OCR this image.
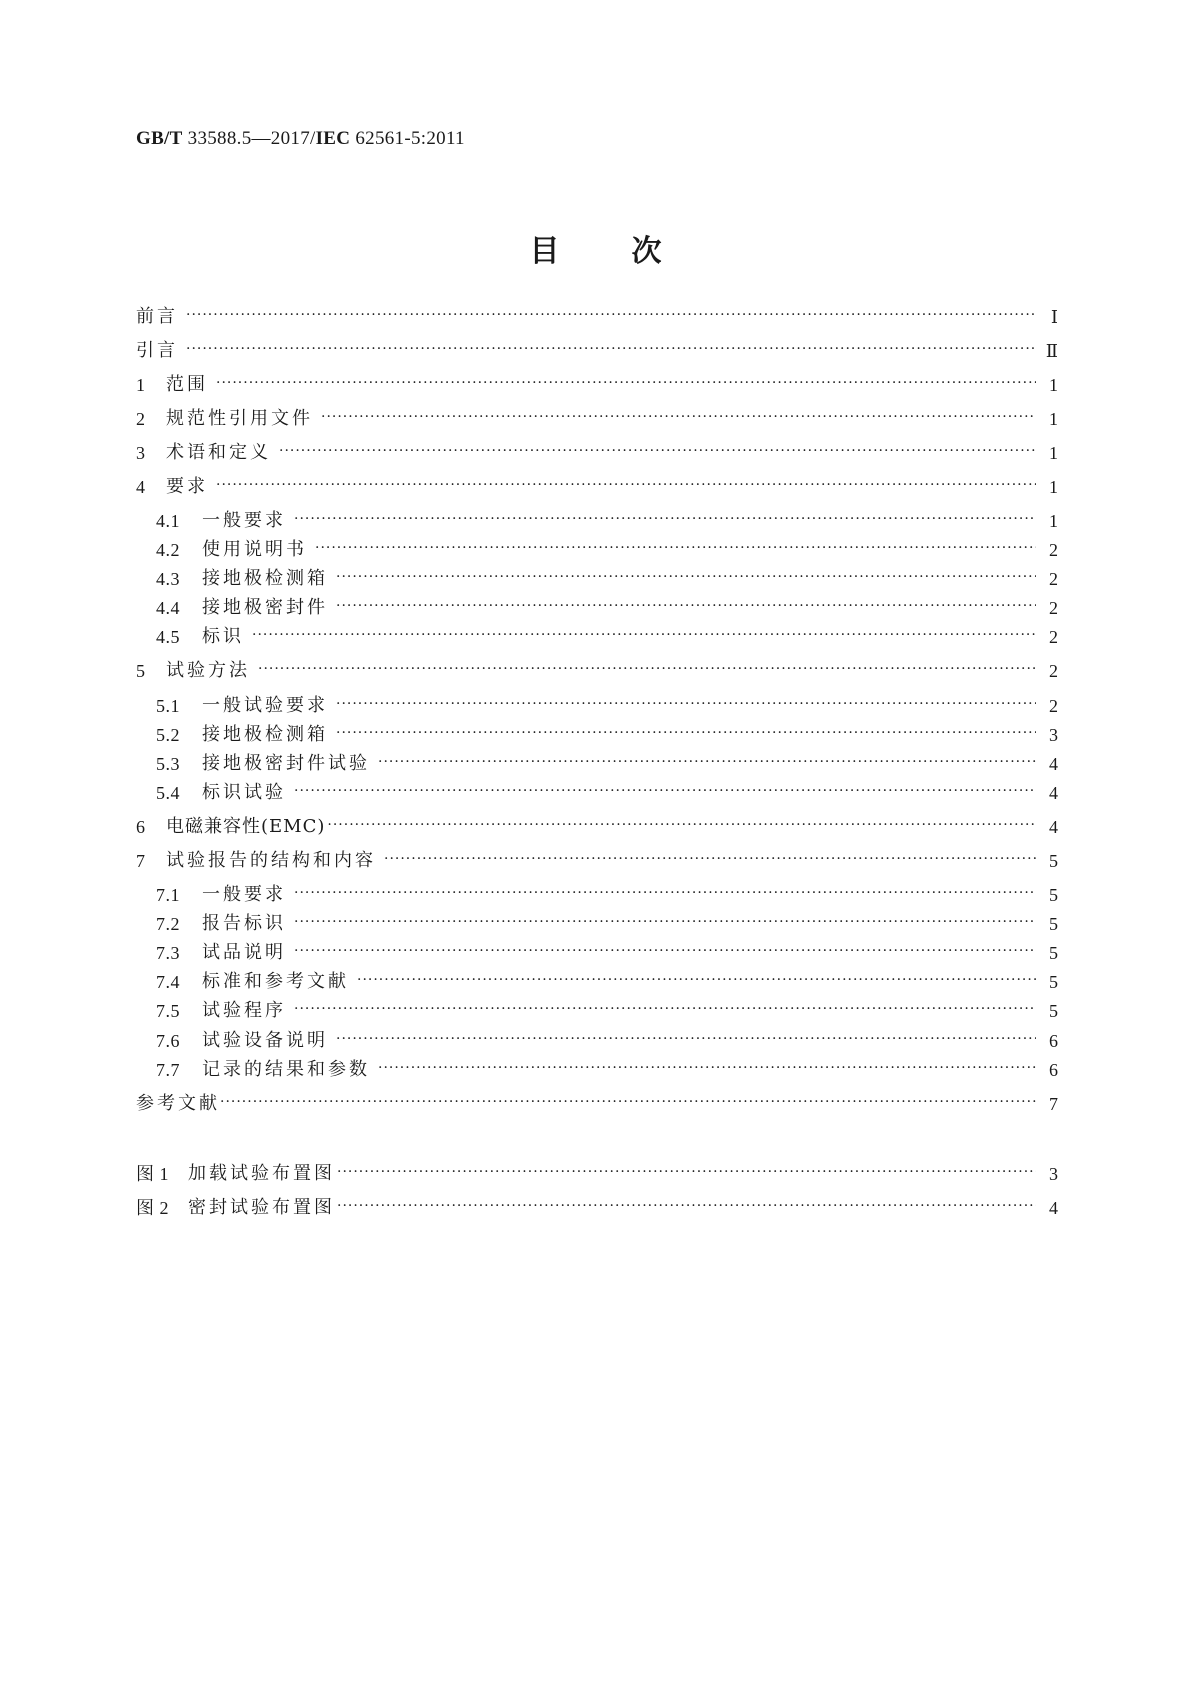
GB/T 33588.5—2017/IEC 62561-5:2011
目 次
前言 ·····	Ⅰ
引言 ·····	Ⅱ
1	范围 ·····	1
2	规范性引用文件 ·····	1
3	术语和定义 ·····	1
4	要求 ·····	1
4.1	一般要求 ·····	1
4.2	使用说明书 ·····	2
4.3	接地极检测箱 ·····	2
4.4	接地极密封件 ·····	2
4.5	标识 ·····	2
5	试验方法 ·····	2
5.1	一般试验要求 ·····	2
5.2	接地极检测箱 ·····	3
5.3	接地极密封件试验 ·····	4
5.4	标识试验 ·····	4
6	电磁兼容性(EMC) ·····	4
7	试验报告的结构和内容 ·····	5
7.1	一般要求 ·····	5
7.2	报告标识 ·····	5
7.3	试品说明 ·····	5
7.4	标准和参考文献 ·····	5
7.5	试验程序 ·····	5
7.6	试验设备说明 ·····	6
7.7	记录的结果和参数 ·····	6
参考文献 ·····	7
图 1	加载试验布置图 ·····	3
图 2	密封试验布置图 ·····	4
